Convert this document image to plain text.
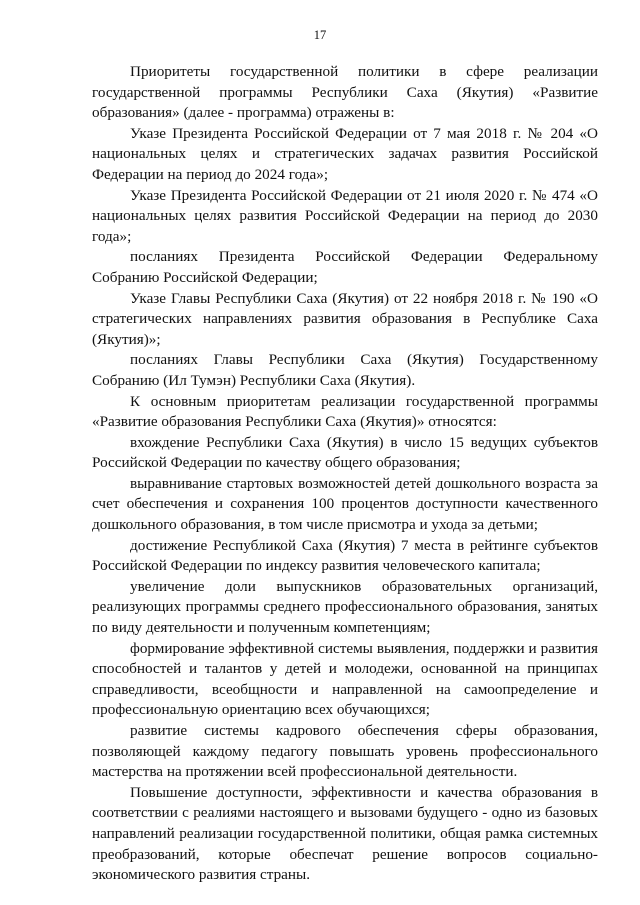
17

Приоритеты государственной политики в сфере реализации государственной программы Республики Саха (Якутия) «Развитие образования» (далее - программа) отражены в:

Указе Президента Российской Федерации от 7 мая 2018 г. № 204 «О национальных целях и стратегических задачах развития Российской Федерации на период до 2024 года»;

Указе Президента Российской Федерации от 21 июля 2020 г. № 474 «О национальных целях развития Российской Федерации на период до 2030 года»;

посланиях Президента Российской Федерации Федеральному Собранию Российской Федерации;

Указе Главы Республики Саха (Якутия) от 22 ноября 2018 г. № 190 «О стратегических направлениях развития образования в Республике Саха (Якутия)»;

посланиях Главы Республики Саха (Якутия) Государственному Собранию (Ил Тумэн) Республики Саха (Якутия).

К основным приоритетам реализации государственной программы «Развитие образования Республики Саха (Якутия)» относятся:

вхождение Республики Саха (Якутия) в число 15 ведущих субъектов Российской Федерации по качеству общего образования;

выравнивание стартовых возможностей детей дошкольного возраста за счет обеспечения и сохранения 100 процентов доступности качественного дошкольного образования, в том числе присмотра и ухода за детьми;

достижение Республикой Саха (Якутия) 7 места в рейтинге субъектов Российской Федерации по индексу развития человеческого капитала;

увеличение доли выпускников образовательных организаций, реализующих программы среднего профессионального образования, занятых по виду деятельности и полученным компетенциям;

формирование эффективной системы выявления, поддержки и развития способностей и талантов у детей и молодежи, основанной на принципах справедливости, всеобщности и направленной на самоопределение и профессиональную ориентацию всех обучающихся;

развитие системы кадрового обеспечения сферы образования, позволяющей каждому педагогу повышать уровень профессионального мастерства на протяжении всей профессиональной деятельности.

Повышение доступности, эффективности и качества образования в соответствии с реалиями настоящего и вызовами будущего - одно из базовых направлений реализации государственной политики, общая рамка системных преобразований, которые обеспечат решение вопросов социально-экономического развития страны.
